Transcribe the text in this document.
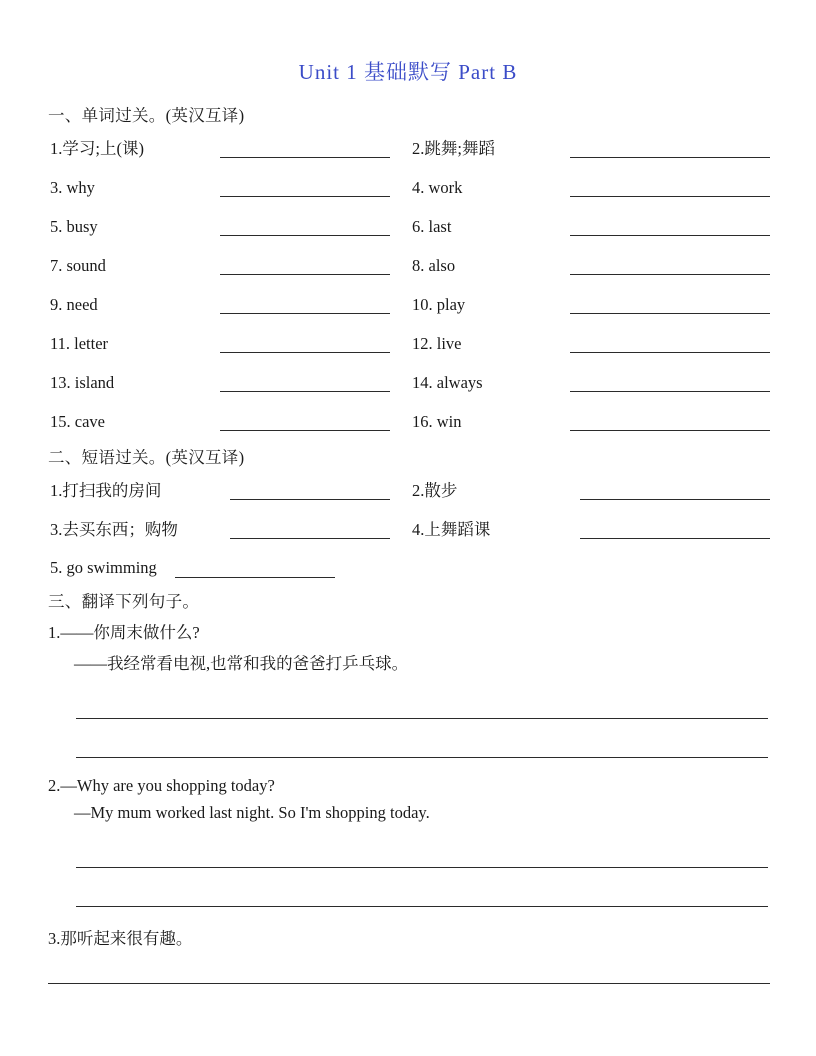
Unit 1 基础默写 Part B
一、单词过关。(英汉互译)
1.学习;上(课)	2.跳舞;舞蹈
3. why	4. work
5. busy	6. last
7. sound	8. also
9. need	10. play
11. letter	12. live
13. island	14. always
15. cave	16. win
二、短语过关。(英汉互译)
1.打扫我的房间	2.散步
3.去买东西；购物	4.上舞蹈课
5. go swimming
三、翻译下列句子。
1.——你周末做什么?
——我经常看电视,也常和我的爸爸打乒乓球。
2.—Why are you shopping today?
—My mum worked last night. So I'm shopping today.
3.那听起来很有趣。
